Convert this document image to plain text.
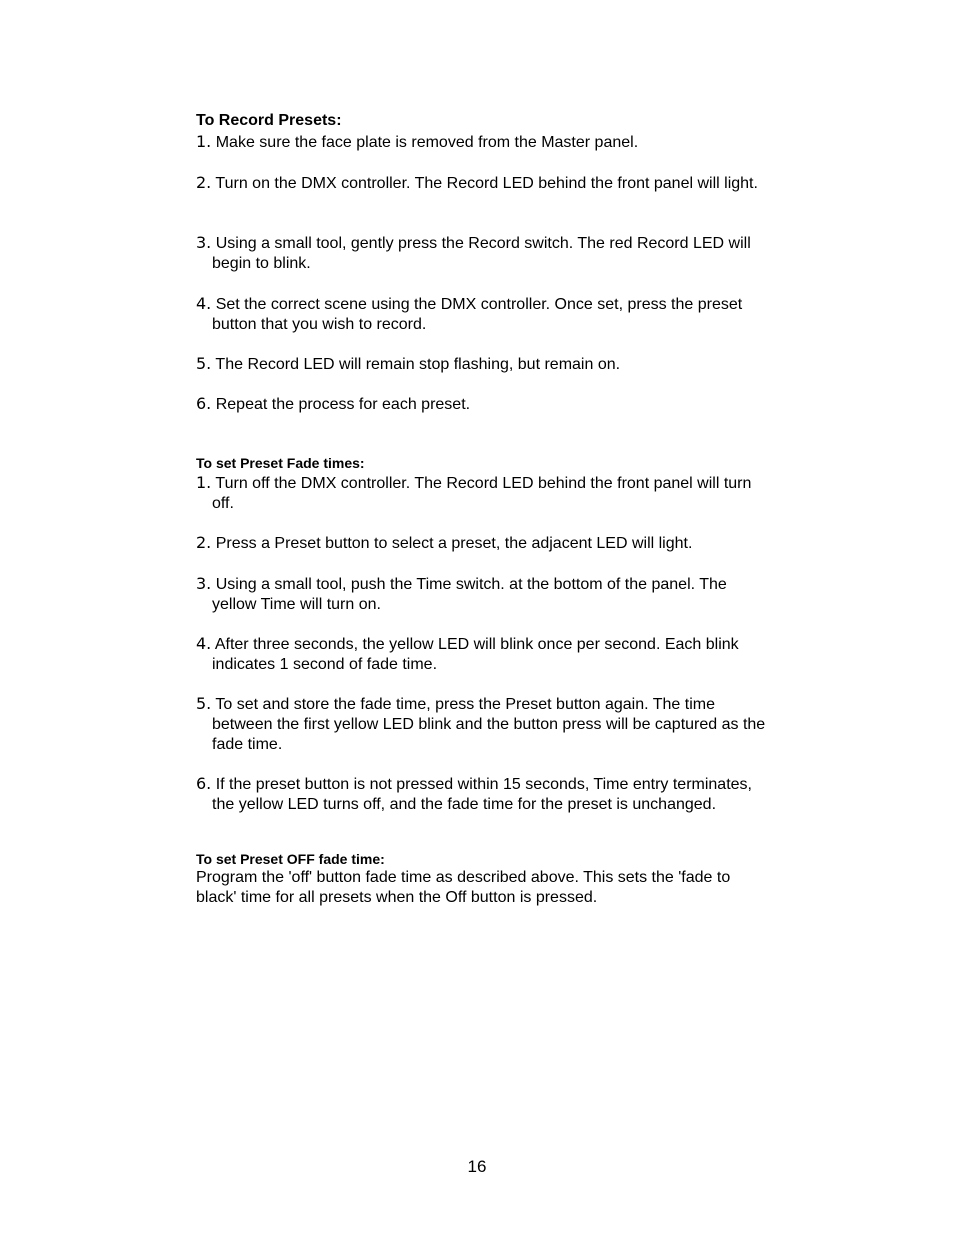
To Record Presets:
1. Make sure the face plate is removed from the Master panel.
2. Turn on the DMX controller. The Record LED behind the front panel will light.
3. Using a small tool, gently press the Record switch. The red Record LED will
begin to blink.
4. Set the correct scene using the DMX controller. Once set, press the preset
button that you wish to record.
5. The Record LED will remain stop flashing, but remain on.
6. Repeat the process for each preset.
To set Preset Fade times:
1. Turn off the DMX controller. The Record LED behind the front panel will turn
off.
2. Press a Preset button to select a preset, the adjacent LED will light.
3. Using a small tool, push the Time switch. at the bottom of the panel. The
yellow Time will turn on.
4. After three seconds, the yellow LED will blink once per second. Each blink
indicates 1 second of fade time.
5. To set and store the fade time, press the Preset button again. The time
between the first yellow LED blink and the button press will be captured as the
fade time.
6. If the preset button is not pressed within 15 seconds, Time entry terminates,
the yellow LED turns off, and the fade time for the preset is unchanged.
To set Preset OFF fade time:
Program the 'off' button fade time as described above. This sets the 'fade to
black' time for all presets when the Off button is pressed.
16
